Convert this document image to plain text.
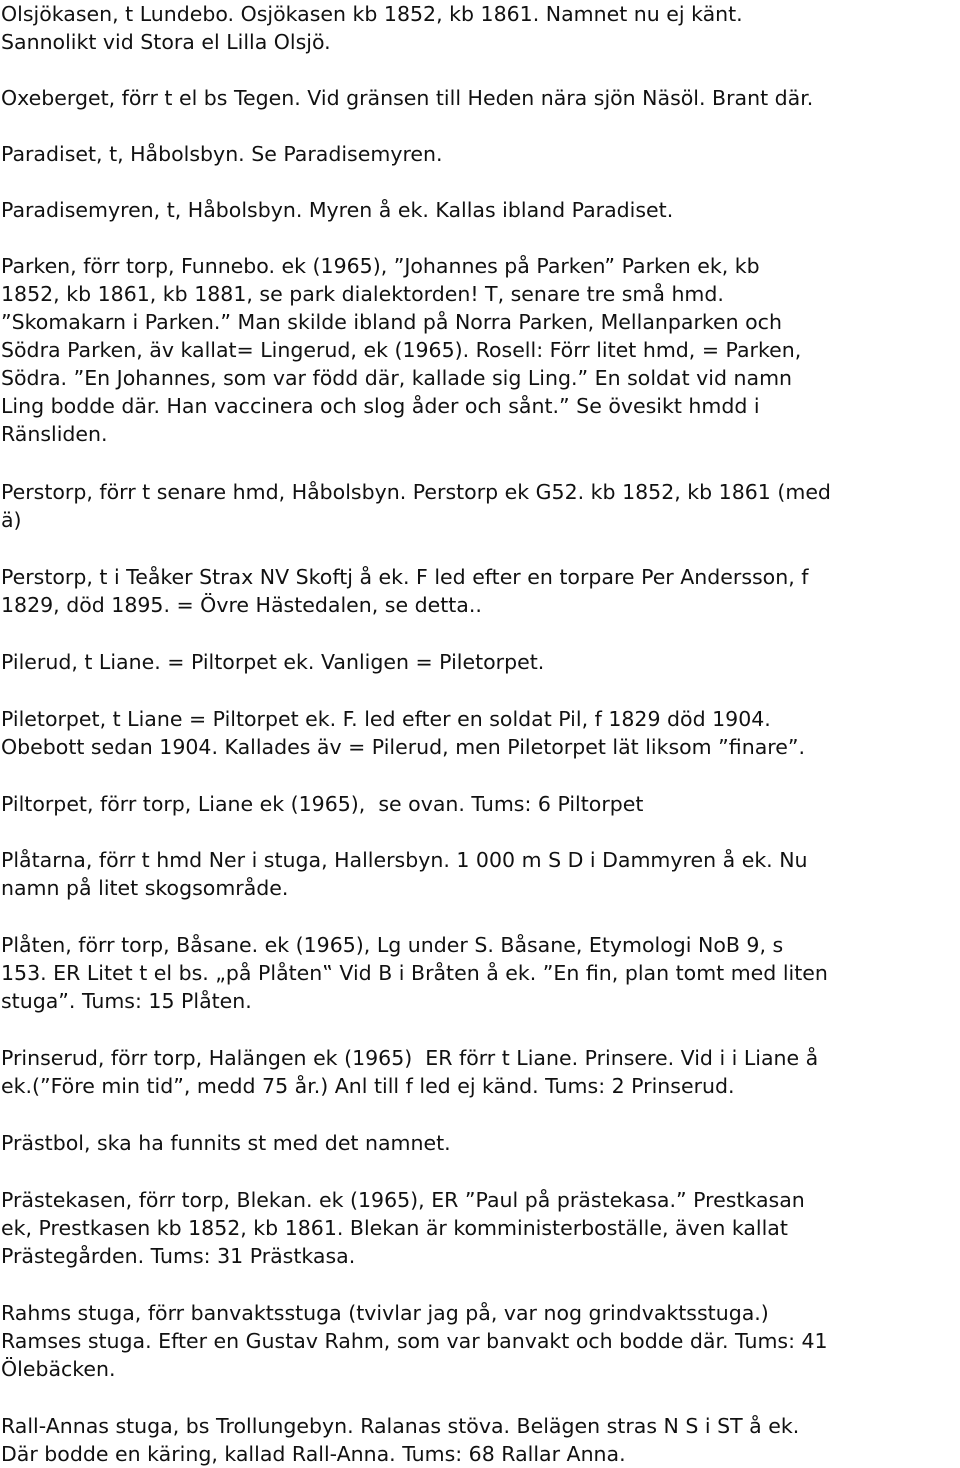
Olsjökasen, t Lundebo. Osjökasen kb 1852, kb 1861. Namnet nu ej känt.

Sannolikt vid Stora el Lilla Olsjö.

Oxeberget, förr t el bs Tegen. Vid gränsen till Heden nära sjön Näsöl. Brant där.

Paradiset, t, Håbolsbyn. Se Paradisemyren.

Paradisemyren, t, Håbolsbyn. Myren å ek. Kallas ibland Paradiset.

Parken, förr torp, Funnebo. ek (1965), ”Johannes på Parken” Parken ek, kb

1852, kb 1861, kb 1881, se park dialektorden! T, senare tre små hmd.

”Skomakarn i Parken.” Man skilde ibland på Norra Parken, Mellanparken och

Södra Parken, äv kallat= Lingerud, ek (1965). Rosell: Förr litet hmd, = Parken,

Södra. ”En Johannes, som var född där, kallade sig Ling.” En soldat vid namn

Ling bodde där. Han vaccinera och slog åder och sånt.” Se övesikt hmdd i

Ränsliden.

Perstorp, förr t senare hmd, Håbolsbyn. Perstorp ek G52. kb 1852, kb 1861 (med

ä)

Perstorp, t i Teåker Strax NV Skoftj å ek. F led efter en torpare Per Andersson, f

1829, död 1895. = Övre Hästedalen, se detta..

Pilerud, t Liane. = Piltorpet ek. Vanligen = Piletorpet.

Piletorpet, t Liane = Piltorpet ek. F. led efter en soldat Pil, f 1829 död 1904.

Obebott sedan 1904. Kallades äv = Pilerud, men Piletorpet lät liksom ”finare”.

Piltorpet, förr torp, Liane ek (1965),  se ovan. Tums: 6 Piltorpet

Plåtarna, förr t hmd Ner i stuga, Hallersbyn. 1 000 m S D i Dammyren å ek. Nu

namn på litet skogsområde.

Plåten, förr torp, Båsane. ek (1965), Lg under S. Båsane, Etymologi NoB 9, s

153. ER Litet t el bs. „på Plåten‟ Vid B i Bråten å ek. ”En fin, plan tomt med liten

stuga”. Tums: 15 Plåten.

Prinserud, förr torp, Halängen ek (1965)  ER förr t Liane. Prinsere. Vid i i Liane å

ek.(”Före min tid”, medd 75 år.) Anl till f led ej känd. Tums: 2 Prinserud.

Prästbol, ska ha funnits st med det namnet.

Prästekasen, förr torp, Blekan. ek (1965), ER ”Paul på prästekasa.” Prestkasan

ek, Prestkasen kb 1852, kb 1861. Blekan är komministerboställe, även kallat

Prästegården. Tums: 31 Prästkasa.

Rahms stuga, förr banvaktsstuga (tvivlar jag på, var nog grindvaktsstuga.)

Ramses stuga. Efter en Gustav Rahm, som var banvakt och bodde där. Tums: 41

Ölebäcken.

Rall-Annas stuga, bs Trollungebyn. Ralanas stöva. Belägen stras N S i ST å ek.

Där bodde en käring, kallad Rall-Anna. Tums: 68 Rallar Anna.
